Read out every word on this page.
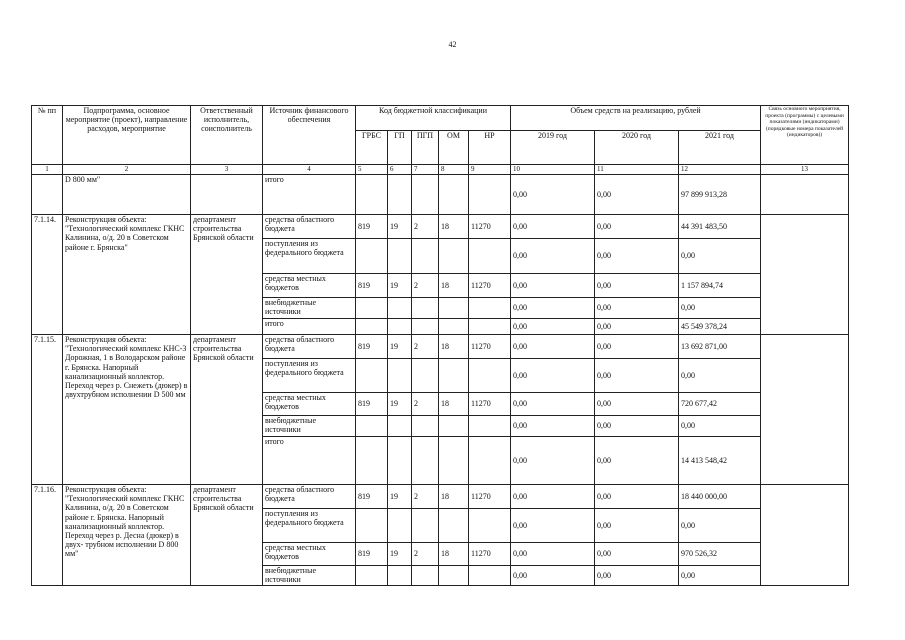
42
№ пп	Подпрограмма, основное мероприятие (проект), направление расходов, мероприятие	Ответственный исполнитель, соисполнитель	Источник финансового обеспечения	Код бюджетной классификации					Объем средств на реализацию, рублей			Связь основного мероприятия, проекта (программы) с целевыми показателями (индикаторами) (порядковые номера показателей (индикаторов))
				ГРБС	ГП	ПГП	ОМ	НР	2019 год	2020 год	2021 год	
1	2	3	4	5	6	7	8	9	10	11	12	13
	D 800 мм"		итого						0,00	0,00	97 899 913,28	
7.1.14.	Реконструкция объекта: "Технологический комплекс ГКНС Калинина, о/д. 20 в Советском районе г. Брянска"	департамент строительства Брянской области	средства областного бюджета	819	19	2	18	11270	0,00	0,00	44 391 483,50	
			поступления из федерального бюджета						0,00	0,00	0,00	
			средства местных бюджетов	819	19	2	18	11270	0,00	0,00	1 157 894,74	
			внебюджетные источники						0,00	0,00	0,00	
			итого						0,00	0,00	45 549 378,24	
7.1.15.	Реконструкция объекта: "Технологический комплекс КНС-3 Дорожная, 1 в Володарском районе г. Брянска. Напорный канализационный коллектор. Переход через р. Снежеть (дюкер) в двухтрубном исполнении D 500 мм	департамент строительства Брянской области	средства областного бюджета	819	19	2	18	11270	0,00	0,00	13 692 871,00	
			поступления из федерального бюджета						0,00	0,00	0,00	
			средства местных бюджетов	819	19	2	18	11270	0,00	0,00	720 677,42	
			внебюджетные источники						0,00	0,00	0,00	
			итого						0,00	0,00	14 413 548,42	
7.1.16.	Реконструкция объекта: "Технологический комплекс ГКНС Калинина, о/д. 20 в Советском районе г. Брянска. Напорный канализационный коллектор. Переход через р. Десна (дюкер) в двух- трубном исполнении D 800 мм"	департамент строительства Брянской области	средства областного бюджета	819	19	2	18	11270	0,00	0,00	18 440 000,00	
			поступления из федерального бюджета						0,00	0,00	0,00	
			средства местных бюджетов	819	19	2	18	11270	0,00	0,00	970 526,32	
			внебюджетные источники						0,00	0,00	0,00	
